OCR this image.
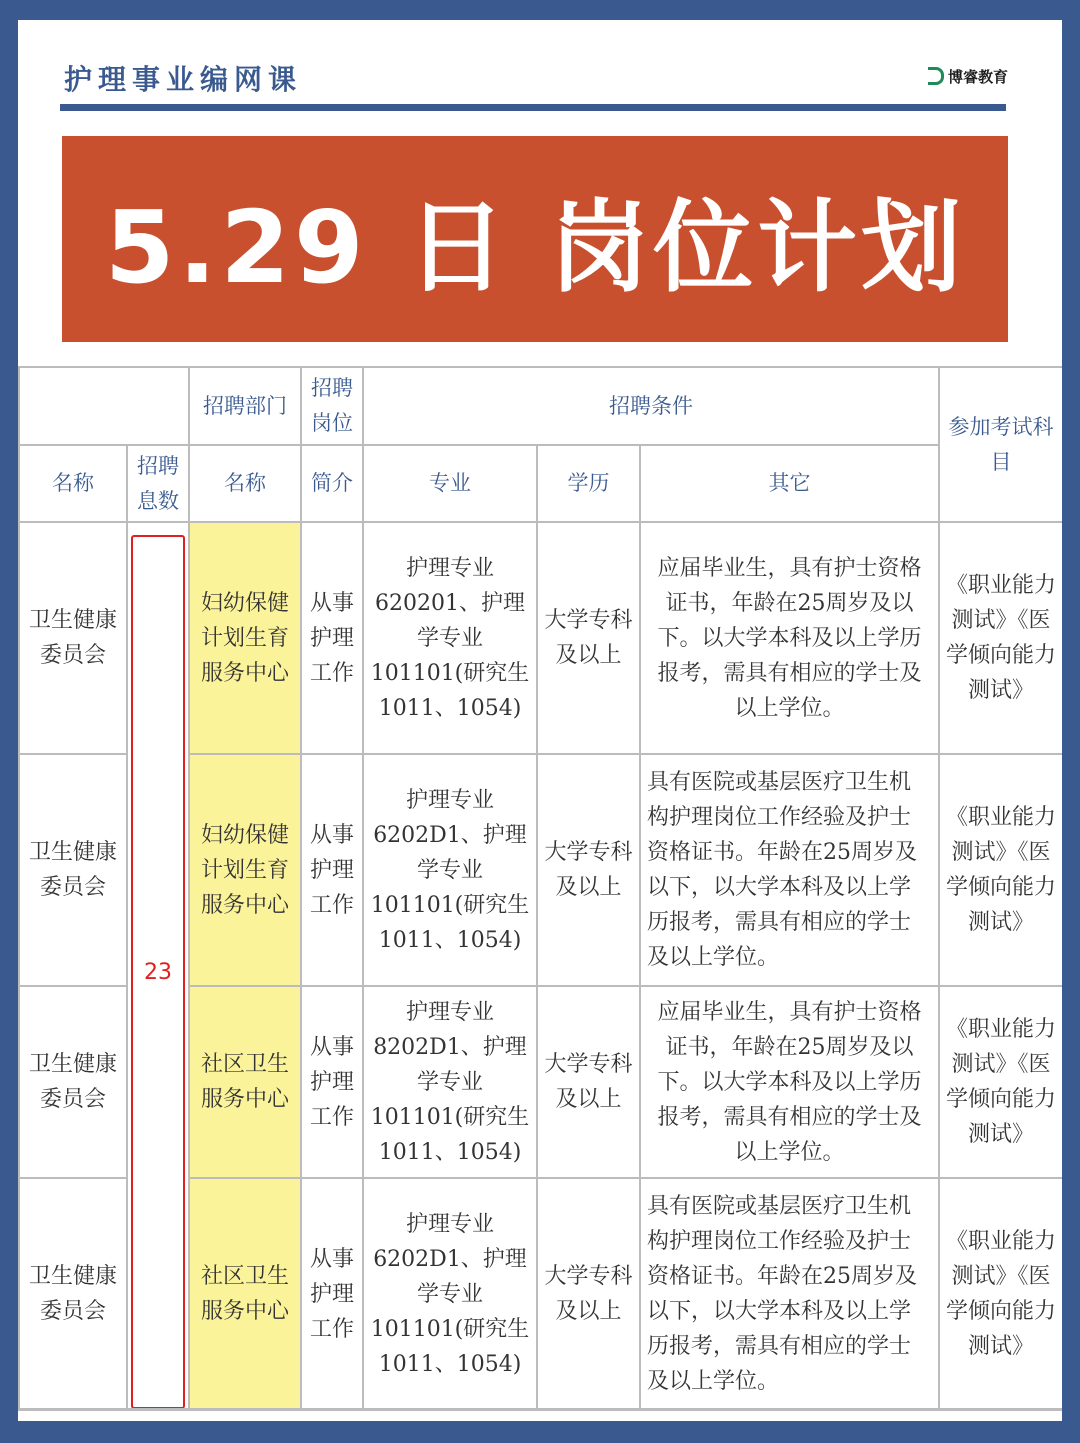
护理事业编网课	博睿教育
5.29 日 岗位计划
		招聘部门	招聘岗位	招聘条件			参加考试科目
名称	招聘息数	名称	简介	专业	学历	其它	
卫生健康委员会	23	妇幼保健计划生育服务中心	从事护理工作	护理专业620201、护理学专业101101(研究生1011、1054)	大学专科及以上	应届毕业生，具有护士资格证书，年龄在25周岁及以下。以大学本科及以上学历报考，需具有相应的学士及以上学位。	《职业能力测试》《医学倾向能力测试》
卫生健康委员会		妇幼保健计划生育服务中心	从事护理工作	护理专业6202D1、护理学专业101101(研究生1011、1054)	大学专科及以上	具有医院或基层医疗卫生机构护理岗位工作经验及护士资格证书。年龄在25周岁及以下，以大学本科及以上学历报考，需具有相应的学士及以上学位。	《职业能力测试》《医学倾向能力测试》
卫生健康委员会		社区卫生服务中心	从事护理工作	护理专业8202D1、护理学专业101101(研究生1011、1054)	大学专科及以上	应届毕业生，具有护士资格证书，年龄在25周岁及以下。以大学本科及以上学历报考，需具有相应的学士及以上学位。	《职业能力测试》《医学倾向能力测试》
卫生健康委员会		社区卫生服务中心	从事护理工作	护理专业6202D1、护理学专业101101(研究生1011、1054)	大学专科及以上	具有医院或基层医疗卫生机构护理岗位工作经验及护士资格证书。年龄在25周岁及以下，以大学本科及以上学历报考，需具有相应的学士及以上学位。	《职业能力测试》《医学倾向能力测试》
